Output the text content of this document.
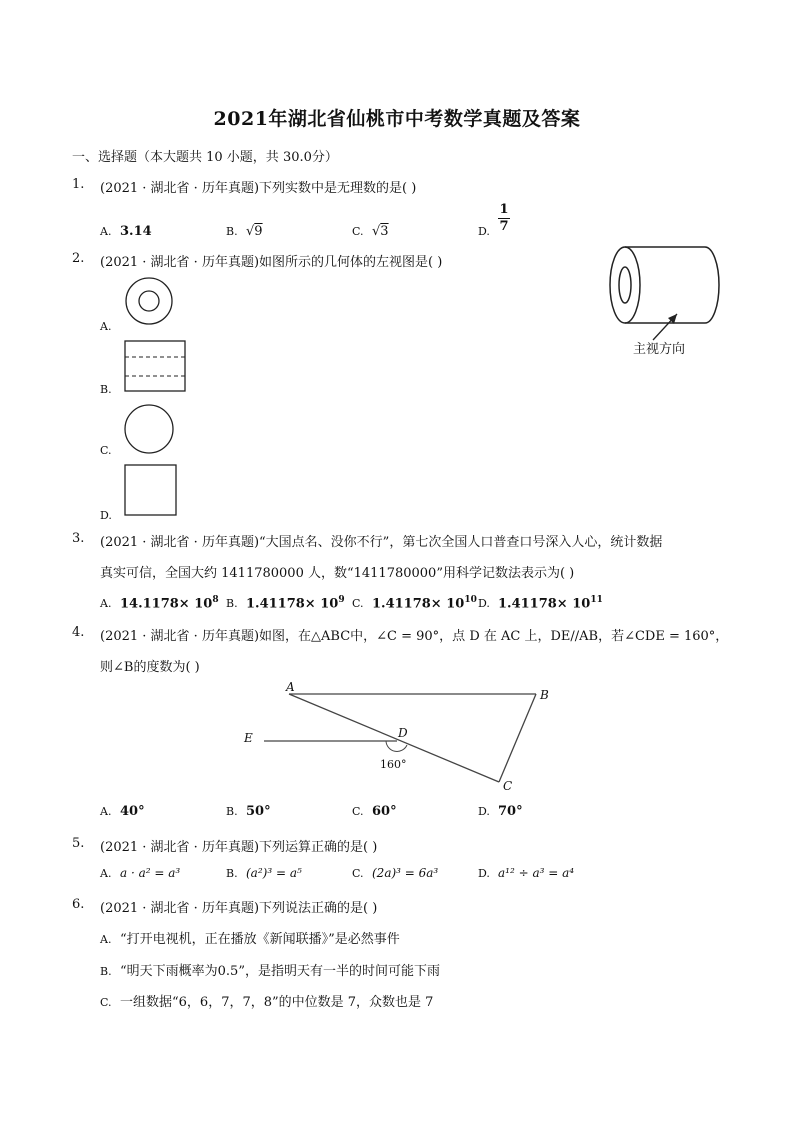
2021年湖北省仙桃市中考数学真题及答案
一、选择题（本大题共 10 小题，共 30.0分）
1. (2021 · 湖北省 · 历年真题)下列实数中是无理数的是( )
A. 3.14	B. √9	C. √3	D. $\frac{1}{7}$
2. (2021 · 湖北省 · 历年真题)如图所示的几何体的左视图是( )
主视方向
A.
B.
C.
D.
3. (2021 · 湖北省 · 历年真题)“大国点名、没你不行”，第七次全国人口普查口号深入人心，统计数据
真实可信，全国大约 1411780000 人，数“1411780000”用科学记数法表示为( )
A. $14.1178\times 10^8$ B. $1.41178\times 10^9$ C. $1.41178\times 10^{10}$ D. $1.41178\times 10^{11}$
4. (2021 · 湖北省 · 历年真题)如图，在△ABC中，∠C = 90°，点 D 在 AC 上，DE//AB，若∠CDE = 160°，
则∠B的度数为( )
A
B
C
D
E
160°
A. 40°	B. 50°	C. 60°	D. 70°
5. (2021 · 湖北省 · 历年真题)下列运算正确的是( )
A. a · a² = a³	B. (a²)³ = a⁵	C. (2a)³ = 6a³	D. a¹² ÷ a³ = a⁴
6. (2021 · 湖北省 · 历年真题)下列说法正确的是( )
A. “打开电视机，正在播放《新闻联播》”是必然事件
B. “明天下雨概率为0.5”，是指明天有一半的时间可能下雨
C. 一组数据“6，6，7，7，8”的中位数是 7，众数也是 7
